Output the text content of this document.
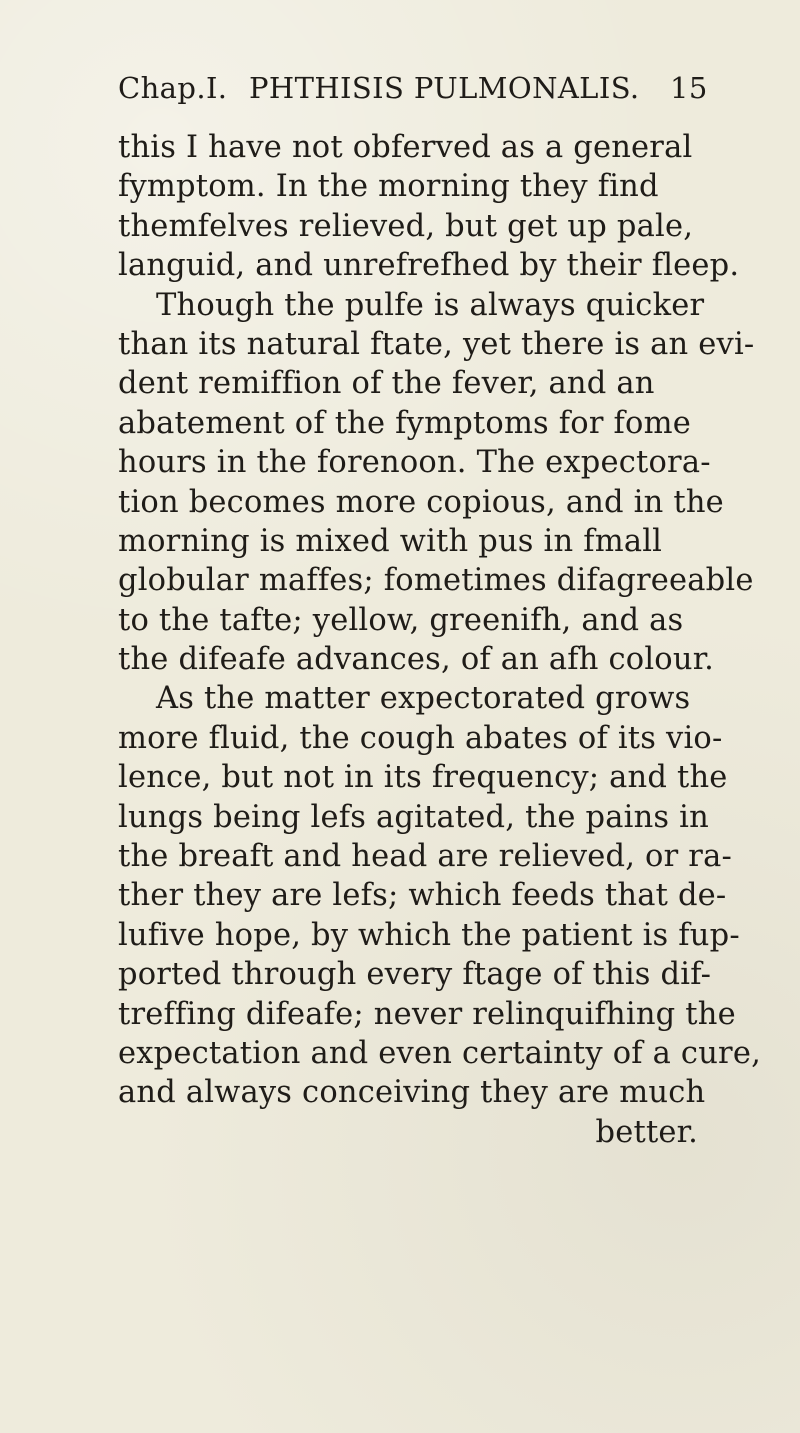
Chap.I. PHTHISIS PULMONALIS. 15
this I have not obferved as a general
fymptom. In the morning they find
themfelves relieved, but get up pale,
languid, and unrefrefhed by their fleep.
Though the pulfe is always quicker
than its natural ftate, yet there is an evi-
dent remiffion of the fever, and an
abatement of the fymptoms for fome
hours in the forenoon. The expectora-
tion becomes more copious, and in the
morning is mixed with pus in fmall
globular maffes; fometimes difagreeable
to the tafte; yellow, greenifh, and as
the difeafe advances, of an afh colour.
As the matter expectorated grows
more fluid, the cough abates of its vio-
lence, but not in its frequency; and the
lungs being lefs agitated, the pains in
the breaft and head are relieved, or ra-
ther they are lefs; which feeds that de-
lufive hope, by which the patient is fup-
ported through every ftage of this dif-
treffing difeafe; never relinquifhing the
expectation and even certainty of a cure,
and always conceiving they are much
better.
